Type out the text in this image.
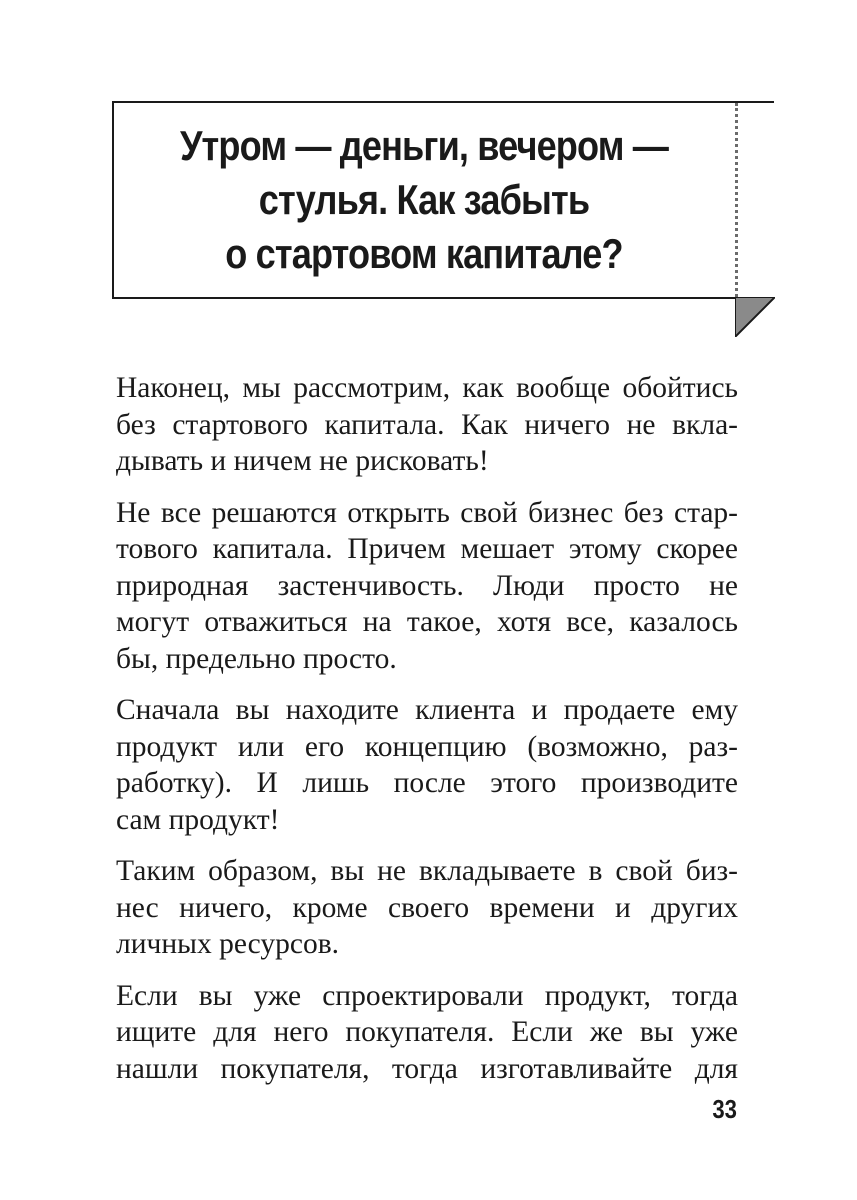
Утром — деньги, вечером —
стулья. Как забыть
о стартовом капитале?

Наконец, мы рассмотрим, как вообще обойтись
без стартового капитала. Как ничего не вкла-
дывать и ничем не рисковать!

Не все решаются открыть свой бизнес без стар-
тового капитала. Причем мешает этому скорее
природная застенчивость. Люди просто не
могут отважиться на такое, хотя все, казалось
бы, предельно просто.

Сначала вы находите клиента и продаете ему
продукт или его концепцию (возможно, раз-
работку). И лишь после этого производите
сам продукт!

Таким образом, вы не вкладываете в свой биз-
нес ничего, кроме своего времени и других
личных ресурсов.

Если вы уже спроектировали продукт, тогда
ищите для него покупателя. Если же вы уже
нашли покупателя, тогда изготавливайте для

33
